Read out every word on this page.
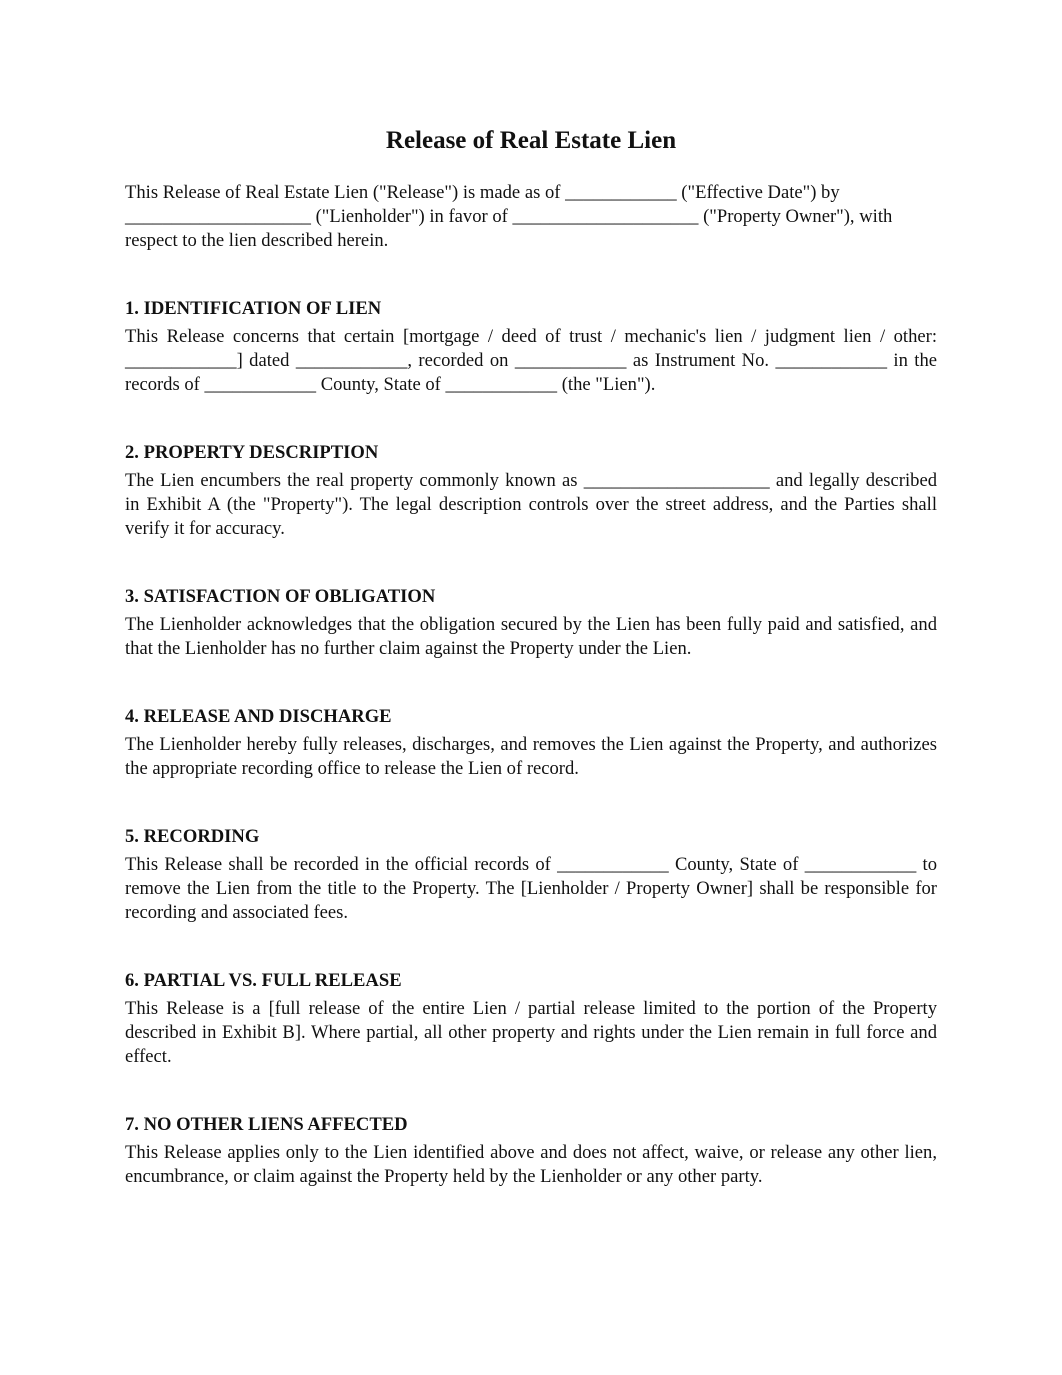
Release of Real Estate Lien

This Release of Real Estate Lien ("Release") is made as of ____________ ("Effective Date") by ____________________ ("Lienholder") in favor of ____________________ ("Property Owner"), with respect to the lien described herein.

1. IDENTIFICATION OF LIEN

This Release concerns that certain [mortgage / deed of trust / mechanic's lien / judgment lien / other: ____________] dated ____________, recorded on ____________ as Instrument No. ____________ in the records of ____________ County, State of ____________ (the "Lien").

2. PROPERTY DESCRIPTION

The Lien encumbers the real property commonly known as ____________________ and legally described in Exhibit A (the "Property"). The legal description controls over the street address, and the Parties shall verify it for accuracy.

3. SATISFACTION OF OBLIGATION

The Lienholder acknowledges that the obligation secured by the Lien has been fully paid and satisfied, and that the Lienholder has no further claim against the Property under the Lien.

4. RELEASE AND DISCHARGE

The Lienholder hereby fully releases, discharges, and removes the Lien against the Property, and authorizes the appropriate recording office to release the Lien of record.

5. RECORDING

This Release shall be recorded in the official records of ____________ County, State of ____________ to remove the Lien from the title to the Property. The [Lienholder / Property Owner] shall be responsible for recording and associated fees.

6. PARTIAL VS. FULL RELEASE

This Release is a [full release of the entire Lien / partial release limited to the portion of the Property described in Exhibit B]. Where partial, all other property and rights under the Lien remain in full force and effect.

7. NO OTHER LIENS AFFECTED

This Release applies only to the Lien identified above and does not affect, waive, or release any other lien, encumbrance, or claim against the Property held by the Lienholder or any other party.
